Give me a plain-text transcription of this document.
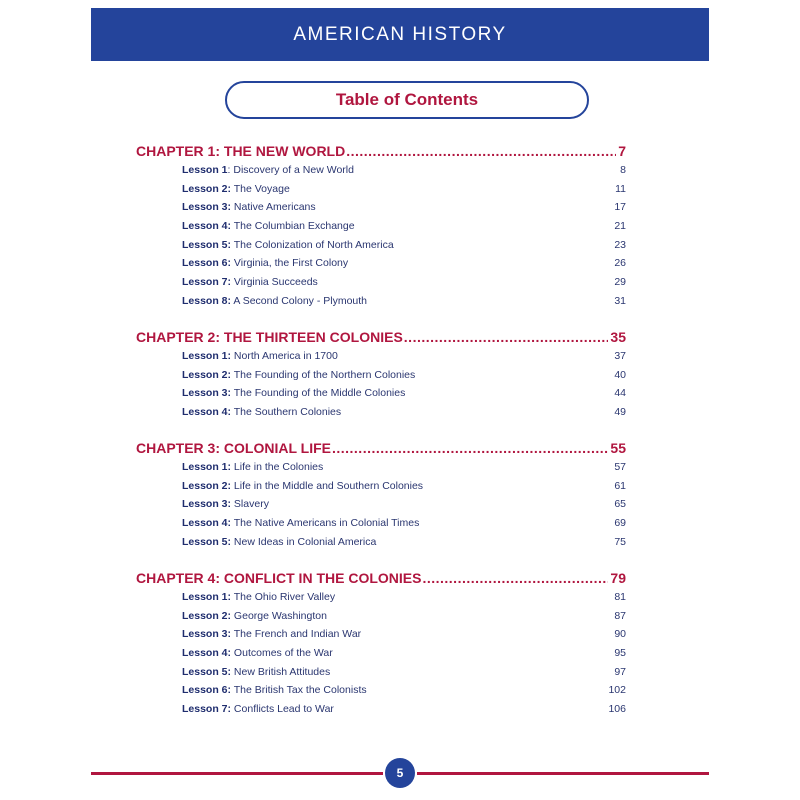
AMERICAN HISTORY
Table of Contents
CHAPTER 1: THE NEW WORLD .....	7
Lesson 1: Discovery of a New World	8
Lesson 2: The Voyage	11
Lesson 3: Native Americans	17
Lesson 4: The Columbian Exchange	21
Lesson 5: The Colonization of North America	23
Lesson 6: Virginia, the First Colony	26
Lesson 7: Virginia Succeeds	29
Lesson 8: A Second Colony - Plymouth	31
CHAPTER 2: THE THIRTEEN COLONIES .....	35
Lesson 1: North America in 1700	37
Lesson 2: The Founding of the Northern Colonies	40
Lesson 3: The Founding of the Middle Colonies	44
Lesson 4: The Southern Colonies	49
CHAPTER 3: COLONIAL LIFE .....	55
Lesson 1: Life in the Colonies	57
Lesson 2: Life in the Middle and Southern Colonies	61
Lesson 3: Slavery	65
Lesson 4: The Native Americans in Colonial Times	69
Lesson 5: New Ideas in Colonial America	75
CHAPTER 4: CONFLICT IN THE COLONIES .....	79
Lesson 1: The Ohio River Valley	81
Lesson 2: George Washington	87
Lesson 3: The French and Indian War	90
Lesson 4: Outcomes of the War	95
Lesson 5: New British Attitudes	97
Lesson 6: The British Tax the Colonists	102
Lesson 7: Conflicts Lead to War	106
5
